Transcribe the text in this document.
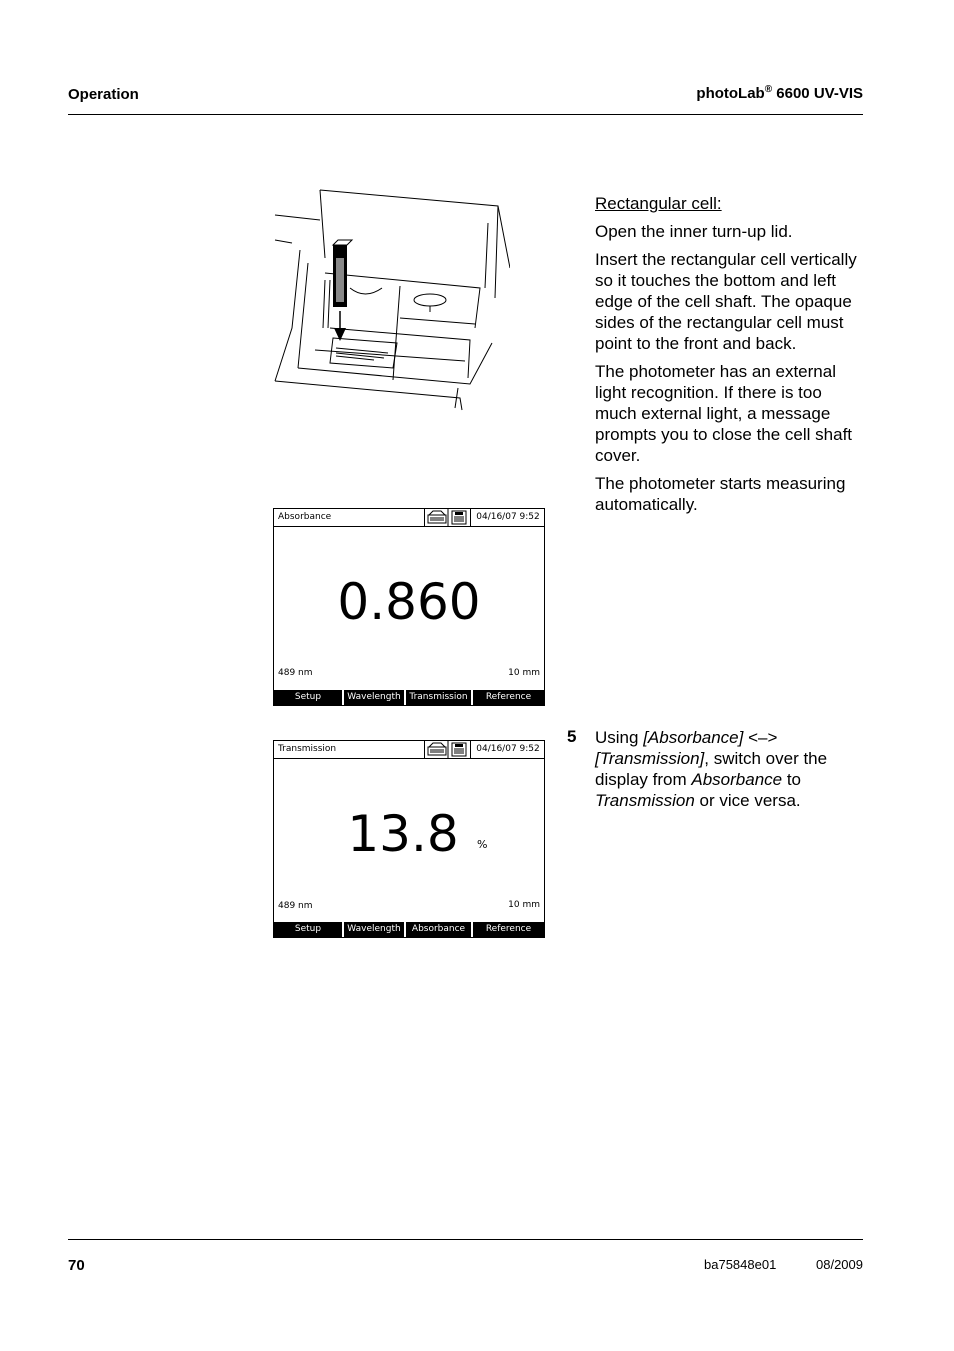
Operation	photoLab® 6600 UV-VIS

Rectangular cell:

Open the inner turn-up lid.

Insert the rectangular cell vertically so it touches the bottom and left edge of the cell shaft. The opaque sides of the rectangular cell must point to the front and back.

The photometer has an external light recognition. If there is too much external light, a message prompts you to close the cell shaft cover.

The photometer starts measuring automatically.

Absorbance	04/16/07 9:52
0.860
489 nm	10 mm
Setup	Wavelength Transmission	Reference
5 Using [Absorbance] <–> [Transmission], switch over the display from Absorbance to Transmission or vice versa.
Transmission	04/16/07 9:52
13.8	%
489 nm	10 mm
Setup	Wavelength	Absorbance	Reference
70	ba75848e01	08/2009
